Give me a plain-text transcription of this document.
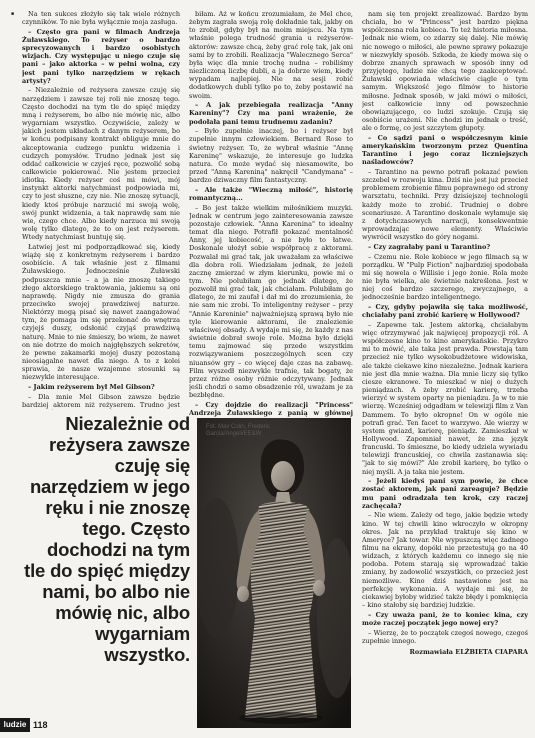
■	Na ten sukces złożyło się tak wiele różnych czynników. To nie była wyłącznie moja zasługa.

– Często gra pani w filmach Andrzeja Żuławskiego. To reżyser o bardzo sprecyzowanych i bardzo osobistych wizjach. Czy występując u niego czuje się pani – jako aktorka – w pełni wolna, czy jest pani tylko narzędziem w rękach artysty?

– Niezależnie od reżysera zawsze czuję się narzędziem i zawsze tej roli nie znoszę tego. Często dochodzi na tym tle do spięć między mną i reżyserem, bo albo nie mówię nic, albo wygarniam wszystko. Oczywiście, zależy w jakich jestem układach z danym reżyserem, bo w końcu podpisany kontrakt obliguje mnie do akceptowania cudzego punktu widzenia i cudzych pomysłów. Trudno jednak jest się oddać całkowicie w czyjeś ręce, pozwolić sobą całkowicie pokierować. Nie jestem przecież idiotką. Kiedy reżyser coś mi mówi, mój instynkt aktorki natychmiast podpowiada mi, czy to jest słuszne, czy nie. Nie znoszę sytuacji, kiedy ktoś próbuje narzucić mi swoją wolę, swój punkt widzenia, a tak naprawdę sam nie wie, czego chce. Albo kiedy narzuca mi swoją wolę tylko dlatego, że to on jest reżyserem. Wtedy natychmiast buntuję się.

Łatwiej jest mi podporządkować się, kiedy wiążę się z konkretnym reżyserem i bardzo osobiście. A tak właśnie jest z filmami Żuławskiego. Jednocześnie Żuławski podpuszcza mnie – a ja nie znoszę takiego złego aktorskiego traktowania, jakiemu są oni naprawdę. Nigdy nie zmusza do grania przeciwko swojej prawdziwej naturze. Niektórzy mogą pisać się nawet zaangażować tym, że pomaga im się przekonać do wnętrza czyjejś duszy, odsłonić czyjąś prawdziwą naturę. Mnie to nie śmieszy, bo wiem, że nawet on nie dotrze do moich najgłębszych sekretów, że pewne zakamarki mojej duszy pozostaną nieosiągalne nawet dla niego. A to z kolei sprawia, że nasze wzajemne stosunki są niezwykle interesujące.

– Jakim reżyserem był Mel Gibson?

– Dla mnie Mel Gibson zawsze będzie bardziej aktorem niż reżyserem. Trudno jest

biłam. Aż w końcu zrozumiałam, że Mel chce, żebym zagrała swoją rolę dokładnie tak, jakby on to zrobił, gdyby był na moim miejscu. Na tym właśnie polega trudność grania u reżyserów-aktorów: zawsze chcą, żeby grać rolę tak, jak oni sami by to zrobili. Realizacja "Walecznego Serca" była więc dla mnie trochę nudna – robiliśmy niezliczoną liczbę dubli, a ja dobrze wiem, kiedy wypadam najlepiej. Nie na sesji robić dodatkowych dubli tylko po to, żeby postawić na swoim.

– A jak przebiegała realizacja "Anny Kareniny"? Czy ma pani wrażenie, że podołała pani temu trudnemu zadaniu?

– Było zupełnie inaczej, bo i reżyser był zupełnie innym człowiekiem. Bernard Rose to świetny reżyser. To, że wybrał właśnie "Annę Kareninę" wskazuje, że interesuje go ludzka natura. Co może wydać się niesamowite, bo przed "Anną Kareniną" nakręcił "Candymana" – bardzo dziwaczny film fantastyczny.

– Ale także "Wieczną miłość", historię romantyczną...

– Bo jest także wielkim miłośnikiem muzyki. Jednak w centrum jego zainteresowania zawsze pozostaje człowiek. "Anna Karenina" to idealny temat dla niego. Potrafił pokazać mentalność Anny, jej kobiecość, a nie było to łatwe. Doskonale ułożył sobie współpracę z aktorami. Pozwalał mi grać tak, jak uważałam za właściwe dla dobra roli. Wiedziałam jednak, że jeżeli zacznę zmierzać w złym kierunku, powie mi o tym. Nie polubiłam go jednak dlatego, że pozwolił mi grać tak, jak chciałam. Polubiłam go dlatego, że mi zaufał i dał mi do zrozumienia, że nie sam nic zrobi. To inteligentny reżyser – przy "Annie Kareninie" najważniejszą sprawą było nie tyle kierowanie aktorami, ile znalezienie właściwej obsady. A wydaje mi się, że każdy z nas świetnie dobrał swoje role. Można było dzięki temu zajmować się przede wszystkim rozwiązywaniem poszczególnych scen czy niuansów gry – co więcej daje czas na zabawę. Film wyszedł niezwykle trafnie, tak bogaty, że przez różne osoby różnie odczytywany. Jednak jeśli chodzi o samo obsadzenie ról, uważam je za bezbłędne.

– Czy dojdzie do realizacji "Princess" Andrzeja Żuławskiego z panią w głównej

nam się ten projekt zrealizować. Bardzo bym chciała, bo w "Princess" jest bardzo piękna wspólczesna rola kobieca. To też historia miłosna. Jednak nie wiem, co zdarzy się dalej. Nie mówię nic nowego o miłości, ale pewne sprawy pokazuje w niezwykły sposób. Szkoda, że kiedy mowa się o dobrze znanych sprawach w sposób inny od przyjętego, ludzie nie chcą tego zaakceptować. Żuławski opowiada właściwie ciągle o tym samym. Większość jego filmów to historie miłosne. Jednak sposób, w jaki mówi o miłości, jest całkowicie inny od powszechnie obowiązującego, co ludzi szokuje. Czują się osobiście urażeni. Nie chodzi im jednak o treść, ale o formę, co jest szczytem głupoty.

– Co sądzi pani o współczesnym kinie amerykańskim tworzonym przez Quentina Tarantino i jego coraz liczniejszych naśladowców?

– Tarantino na pewno potrafi pokazać pewien szczebel w rozwoju kina. Dziś nie jest już przecież problemem zrobienie filmu poprawnego od strony warsztatu, techniki. Przy dzisiejszej technologii każdy może to zrobić. Trudniej o dobre scenariusze. A Tarantino doskonale wyłamuje się z dotychczasowych narracji, konsekwentnie wprowadzając nowe elementy. Właściwie wywrócił wszystko do góry nogami.

– Czy zagrałaby pani u Tarantino?

– Czemu nie. Role kobiece w jego filmach są w porządku. W "Pulp Fiction" najbardziej spodobała mi się nowela o Willisie i jego żonie. Rola może nie była wielka, ale świetnie nakreślona. Jest w niej coś bardzo szczerego, zwyczajnego, a jednocześnie bardzo inteligentnego.

– Czy, gdyby pojawiła się taka możliwość, chciałaby pani zrobić karierę w Hollywood?

– Zapewne tak. Jestem aktorką, chciałabym więc otrzymywać jak najwięcej propozycji ról. A współczesne kino to kino amerykańskie. Przykro mi to mówić, ale taka jest prawda. Powstają tam przecież nie tylko wysokobudżetowe widowiska, ale także ciekawe kino niezależne. Jednak kariera nie jest dla mnie ważna. Dla mnie liczy się tylko ciesze ekranowe. To mieszkać w niej o dużych pieniądzach. A żeby zrobić karierę, trzeba wierzyć w system oparty na pieniądzu. Ja w to nie wierzę. Wcześniej odgadłam w telewizji film z Van Dammem. To było okropne! On w ogóle nie potrafi grać. Ten facet to warzywo. Ale wierzy w system gwiazd, karierę, pieniądz. Zamieszkał w Hollywood. Zapomniał nawet, że zna język francuski. To śmieszne, bo kiedy udziela wywiadu telewizji francuskiej, co chwila zastanawia się: "jak to się mówi?" Ale zrobił karierę, bo tylko o niej myśli. A ja taka nie jestem.

– Jeżeli kiedyś pani sym powie, że chce zostać aktorem, jak pani zareaguje? Będzie mu pani odradzała ten krok, czy raczej zachęcała?

– Nie wiem. Zależy od tego, jakie będzie wtedy kino. W tej chwili kino wkroczyło w okropny okres. Jak na przykład traktuje się kino w Ameryce? Jak towar. Nie wypuszczą więc żadnego filmu na ekrany, dopóki nie przetestują go na 40 widzach, z których każdemu co innego się nie podoba. Potem starają się wprowadzać takie zmiany, by zadowolić wszystkich, co przecież jest niemożliwe. Kino dziś nastawione jest na perfekcję wykonania. A wydaje mi się, że ciekawiej byłoby widzieć także błędy i pomknięcia – kino stałoby się bardziej ludzkie.

– Czy uważa pani, że to koniec kina, czy może raczej początek jego nowej ery?

– Wierzę, że to początek czegoś nowego, czegoś zupełnie innego.

Rozmawiała ELŻBIETA CIAPARA

Niezależnie od reżysera zawsze czuję się narzędziem w jego ręku i nie znoszę tego. Często dochodzi na tym tle do spięć między nami, bo albo nie mówię nic, albo wygarniam wszystko.
Fot. Max Colin, Frederic Garcia/Angeli/EE&W
ludzie 118
